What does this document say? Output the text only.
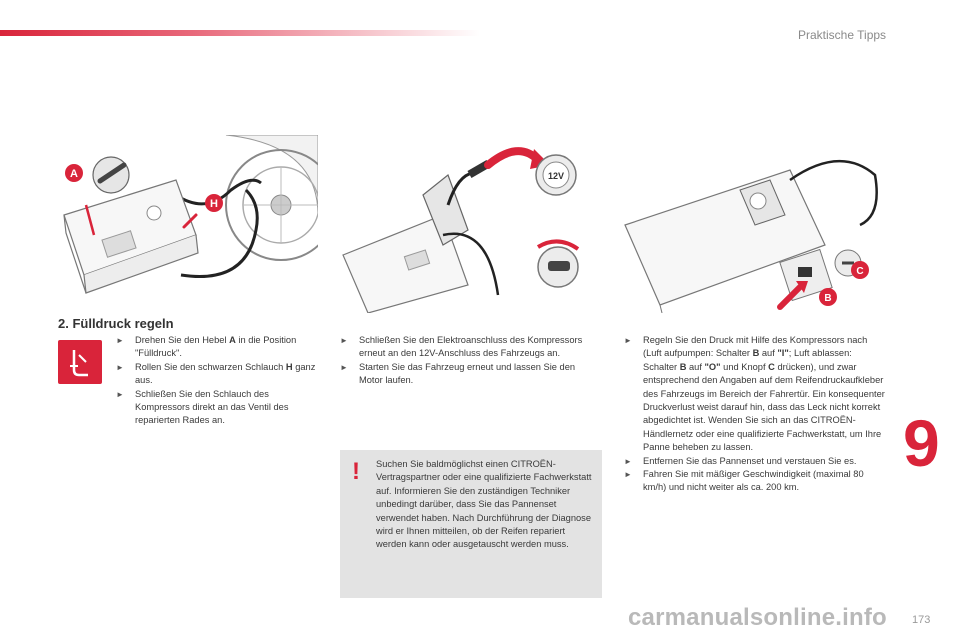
Praktische Tipps
A
H
12V
C
B
2. Fülldruck regeln
► Drehen Sie den Hebel A in die Position "Fülldruck".
► Rollen Sie den schwarzen Schlauch H ganz aus.
► Schließen Sie den Schlauch des Kompressors direkt an das Ventil des reparierten Rades an.
► Schließen Sie den Elektroanschluss des Kompressors erneut an den 12V-Anschluss des Fahrzeugs an.
► Starten Sie das Fahrzeug erneut und lassen Sie den Motor laufen.
! Suchen Sie baldmöglichst einen CITROËN-Vertragspartner oder eine qualifizierte Fachwerkstatt auf. Informieren Sie den zuständigen Techniker unbedingt darüber, dass Sie das Pannenset verwendet haben. Nach Durchführung der Diagnose wird er Ihnen mitteilen, ob der Reifen repariert werden kann oder ausgetauscht werden muss.
► Regeln Sie den Druck mit Hilfe des Kompressors nach (Luft aufpumpen: Schalter B auf "I"; Luft ablassen: Schalter B auf "O" und Knopf C drücken), und zwar entsprechend den Angaben auf dem Reifendruckaufkleber des Fahrzeugs im Bereich der Fahrertür. Ein konsequenter Druckverlust weist darauf hin, dass das Leck nicht korrekt abgedichtet ist. Wenden Sie sich an das CITROËN-Händlernetz oder eine qualifizierte Fachwerkstatt, um Ihre Panne beheben zu lassen.
► Entfernen Sie das Pannenset und verstauen Sie es.
► Fahren Sie mit mäßiger Geschwindigkeit (maximal 80 km/h) und nicht weiter als ca. 200 km.
9
carmanualsonline.info 173
